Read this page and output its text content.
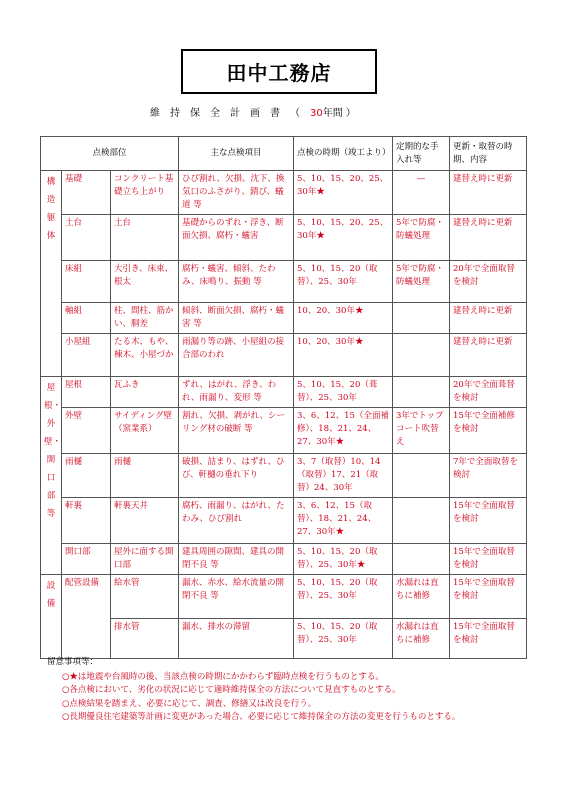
田中工務店
維持保全計画書（30年間 ）
点検部位			主な点検項目	点検の時期（竣工より）	定期的な手入れ等	更新・取替の時期、内容

構造躯体	基礎	コンクリート基礎立ち上がり	ひび割れ、欠損、沈下、換気口のふさがり、錆び、蟻道 等	5、10、15、20、25、30年★	—	建替え時に更新
	土台	土台	基礎からのずれ・浮き、断面欠損、腐朽・蟻害	5、10、15、20、25、30年★	5年で防腐・防蟻処理	建替え時に更新
	床組	大引き、床束、根太	腐朽・蟻害、傾斜、たわみ、床鳴り、振動 等	5、10、15、20（取替）、25、30年	5年で防腐・防蟻処理	20年で全面取替を検討
	軸組	柱、間柱、筋かい、胴差	傾斜、断面欠損、腐朽・蟻害 等	10、20、30年★		建替え時に更新
	小屋組	たる木、もや、棟木、小屋づか	雨漏り等の跡、小屋組の接合部のわれ	10、20、30年★		建替え時に更新

屋根・外壁・開口部等	屋根	瓦ふき	ずれ、はがれ、浮き、われ、雨漏り、変形 等	5、10、15、20（葺替）、25、30年		20年で全面葺替を検討
	外壁	サイディング壁（窯業系）	割れ、欠損、剥がれ、シーリング材の破断 等	3、6、12、15（全面補修）、18、21、24、27、30年★	3年でトップコート吹替え	15年で全面補修を検討
	雨樋	雨樋	破損、詰まり、はずれ、ひび、軒樋の垂れ下り	3、7（取替）10、14（取替）17、21（取替）24、30年		7年で全面取替を検討
	軒裏	軒裏天井	腐朽、雨漏り、はがれ、たわみ、ひび割れ	3、6、12、15（取替）、18、21、24、27、30年★		15年で全面取替を検討
	開口部	屋外に面する開口部	建具周囲の隙間、建具の開閉不良 等	5、10、15、20（取替）、25、30年★		15年で全面取替を検討

設備	配管設備	給水管	漏水、赤水、給水流量の開閉不良 等	5、10、15、20（取替）、25、30年	水漏れは直ちに補修	15年で全面取替を検討
		排水管	漏水、排水の滞留	5、10、15、20（取替）、25、30年	水漏れは直ちに補修	15年で全面取替を検討
留意事項等：
○★は地震や台風時の後、当該点検の時期にかかわらず臨時点検を行うものとする。
○各点検において、劣化の状況に応じて適時維持保全の方法について見直すものとする。
○点検結果を踏まえ、必要に応じて、調査、修繕又は改良を行う。
○長期優良住宅建築等計画に変更があった場合、必要に応じて維持保全の方法の変更を行うものとする。
